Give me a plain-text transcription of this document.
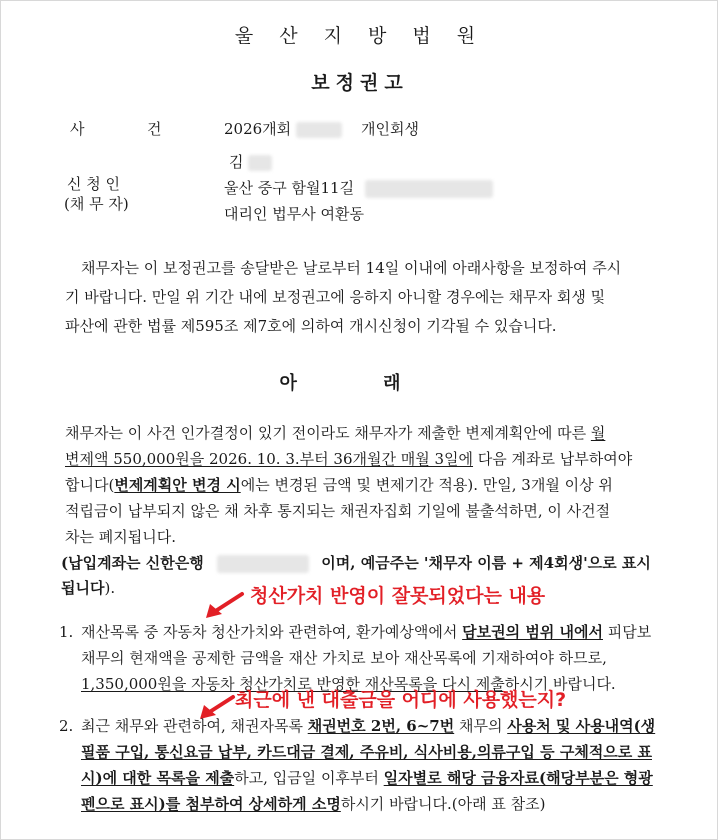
울 산 지 방 법 원
보정권고
사	건	2026개회	개인회생
신 청 인
(채 무 자)
김
울산 중구 함월11길
대리인 법무사 여환동
채무자는 이 보정권고를 송달받은 날로부터 14일 이내에 아래사항을 보정하여 주시
기 바랍니다. 만일 위 기간 내에 보정권고에 응하지 아니할 경우에는 채무자 회생 및
파산에 관한 법률 제595조 제7호에 의하여 개시신청이 기각될 수 있습니다.
아 래
채무자는 이 사건 인가결정이 있기 전이라도 채무자가 제출한 변제계획안에 따른 월
변제액 550,000원을 2026. 10. 3.부터 36개월간 매월 3일에 다음 계좌로 납부하여야
합니다(변제계획안 변경 시에는 변경된 금액 및 변제기간 적용). 만일, 3개월 이상 위
적립금이 납부되지 않은 채 차후 통지되는 채권자집회 기일에 불출석하면, 이 사건절
차는 폐지됩니다.
(납입계좌는 신한은행	이며, 예금주는 '채무자 이름 + 제4회생'으로 표시
됩니다).	청산가치 반영이 잘못되었다는 내용
1. 재산목록 중 자동차 청산가치와 관련하여, 환가예상액에서 담보권의 범위 내에서 피담보
채무의 현재액을 공제한 금액을 재산 가치로 보아 재산목록에 기재하여야 하므로,
1,350,000원을 자동차 청산가치로 반영한 재산목록을 다시 제출하시기 바랍니다.
최근에 낸 대출금을 어디에 사용했는지?
2. 최근 채무와 관련하여, 채권자목록 채권번호 2번, 6~7번 채무의 사용처 및 사용내역(생
필품 구입, 통신요금 납부, 카드대금 결제, 주유비, 식사비용,의류구입 등 구체적으로 표
시)에 대한 목록을 제출하고, 입금일 이후부터 일자별로 해당 금융자료(해당부분은 형광
펜으로 표시)를 첨부하여 상세하게 소명하시기 바랍니다.(아래 표 참조)
